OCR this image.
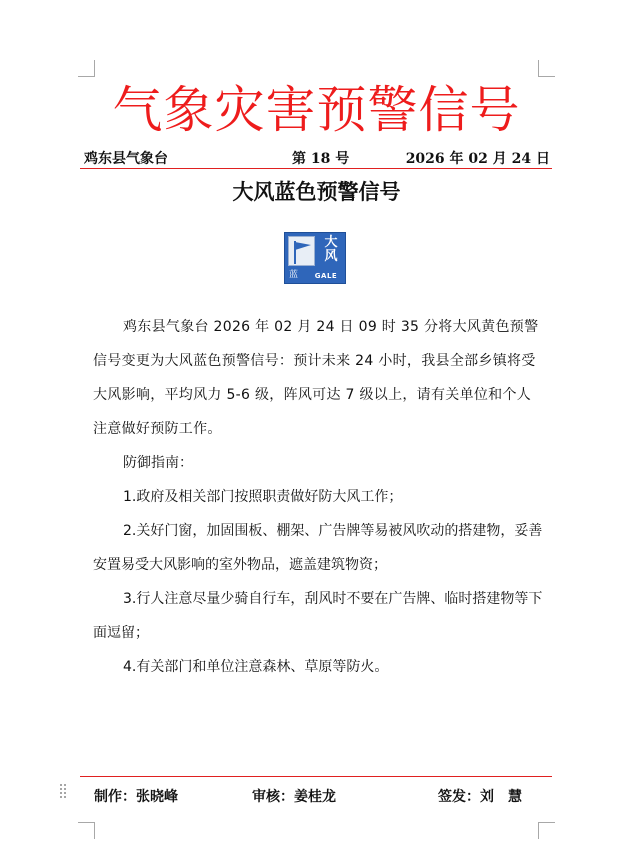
气象灾害预警信号
鸡东县气象台	第 18 号	2026 年 02 月 24 日
大风蓝色预警信号
大
风
蓝	GALE

鸡东县气象台 2026 年 02 月 24 日 09 时 35 分将大风黄色预警信号变更为大风蓝色预警信号：预计未来 24 小时，我县全部乡镇将受大风影响，平均风力 5-6 级，阵风可达 7 级以上，请有关单位和个人注意做好预防工作。

防御指南：

1.政府及相关部门按照职责做好防大风工作；

2.关好门窗，加固围板、棚架、广告牌等易被风吹动的搭建物，妥善安置易受大风影响的室外物品，遮盖建筑物资；

3.行人注意尽量少骑自行车，刮风时不要在广告牌、临时搭建物等下面逗留；

4.有关部门和单位注意森林、草原等防火。

制作：张晓峰	审核：姜桂龙	签发：刘　慧
